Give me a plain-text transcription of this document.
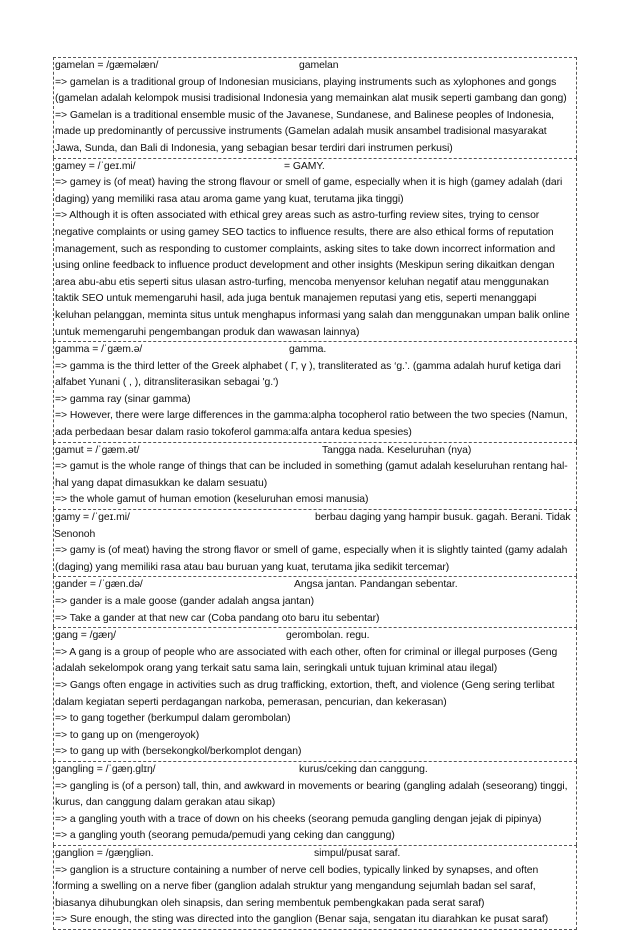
gamelan = /gæməlæn/	gamelan

=> gamelan is a traditional group of Indonesian musicians, playing instruments such as xylophones and gongs (gamelan adalah kelompok musisi tradisional Indonesia yang memainkan alat musik seperti gambang dan gong)

=> Gamelan is a traditional ensemble music of the Javanese, Sundanese, and Balinese peoples of Indonesia, made up predominantly of percussive instruments (Gamelan adalah musik ansambel tradisional masyarakat Jawa, Sunda, dan Bali di Indonesia, yang sebagian besar terdiri dari instrumen perkusi)

gamey = /ˈgeɪ.mi/	= GAMY.

=> gamey is (of meat) having the strong flavour or smell of game, especially when it is high (gamey adalah (dari daging) yang memiliki rasa atau aroma game yang kuat, terutama jika tinggi)

=> Although it is often associated with ethical grey areas such as astro-turfing review sites, trying to censor negative complaints or using gamey SEO tactics to influence results, there are also ethical forms of reputation management, such as responding to customer complaints, asking sites to take down incorrect information and using online feedback to influence product development and other insights (Meskipun sering dikaitkan dengan area abu-abu etis seperti situs ulasan astro-turfing, mencoba menyensor keluhan negatif atau menggunakan taktik SEO untuk memengaruhi hasil, ada juga bentuk manajemen reputasi yang etis, seperti menanggapi keluhan pelanggan, meminta situs untuk menghapus informasi yang salah dan menggunakan umpan balik online untuk memengaruhi pengembangan produk dan wawasan lainnya)

gamma = /ˈgæm.ə/	gamma.

=> gamma is the third letter of the Greek alphabet ( Γ, γ ), transliterated as ‘g.’. (gamma adalah huruf ketiga dari alfabet Yunani ( , ), ditransliterasikan sebagai 'g.')

=> gamma ray (sinar gamma)

=> However, there were large differences in the gamma:alpha tocopherol ratio between the two species (Namun, ada perbedaan besar dalam rasio tokoferol gamma:alfa antara kedua spesies)

gamut = /ˈgæm.ət/	Tangga nada. Keseluruhan (nya)

=> gamut is the whole range of things that can be included in something (gamut adalah keseluruhan rentang hal-hal yang dapat dimasukkan ke dalam sesuatu)

=> the whole gamut of human emotion (keseluruhan emosi manusia)

gamy = /ˈgeɪ.mi/	berbau daging yang hampir busuk. gagah. Berani. Tidak Senonoh

=> gamy is (of meat) having the strong flavor or smell of game, especially when it is slightly tainted (gamy adalah (daging) yang memiliki rasa atau bau buruan yang kuat, terutama jika sedikit tercemar)

gander = /ˈgæn.də/	Angsa jantan. Pandangan sebentar.

=> gander is a male goose (gander adalah angsa jantan)

=> Take a gander at that new car (Coba pandang oto baru itu sebentar)

gang = /gæŋ/	gerombolan. regu.

=> A gang is a group of people who are associated with each other, often for criminal or illegal purposes (Geng adalah sekelompok orang yang terkait satu sama lain, seringkali untuk tujuan kriminal atau ilegal)

=> Gangs often engage in activities such as drug trafficking, extortion, theft, and violence (Geng sering terlibat dalam kegiatan seperti perdagangan narkoba, pemerasan, pencurian, dan kekerasan)

=> to gang together (berkumpul dalam gerombolan)

=> to gang up on (mengeroyok)

=> to gang up with (bersekongkol/berkomplot dengan)

gangling = /ˈgæŋ.glɪŋ/	kurus/ceking dan canggung.

=> gangling is (of a person) tall, thin, and awkward in movements or bearing (gangling adalah (seseorang) tinggi, kurus, dan canggung dalam gerakan atau sikap)

=> a gangling youth with a trace of down on his cheeks (seorang pemuda gangling dengan jejak di pipinya)

=> a gangling youth (seorang pemuda/pemudi yang ceking dan canggung)

ganglion = /gæŋgliən.	simpul/pusat saraf.

=> ganglion is a structure containing a number of nerve cell bodies, typically linked by synapses, and often forming a swelling on a nerve fiber (ganglion adalah struktur yang mengandung sejumlah badan sel saraf, biasanya dihubungkan oleh sinapsis, dan sering membentuk pembengkakan pada serat saraf)

=> Sure enough, the sting was directed into the ganglion (Benar saja, sengatan itu diarahkan ke pusat saraf)
